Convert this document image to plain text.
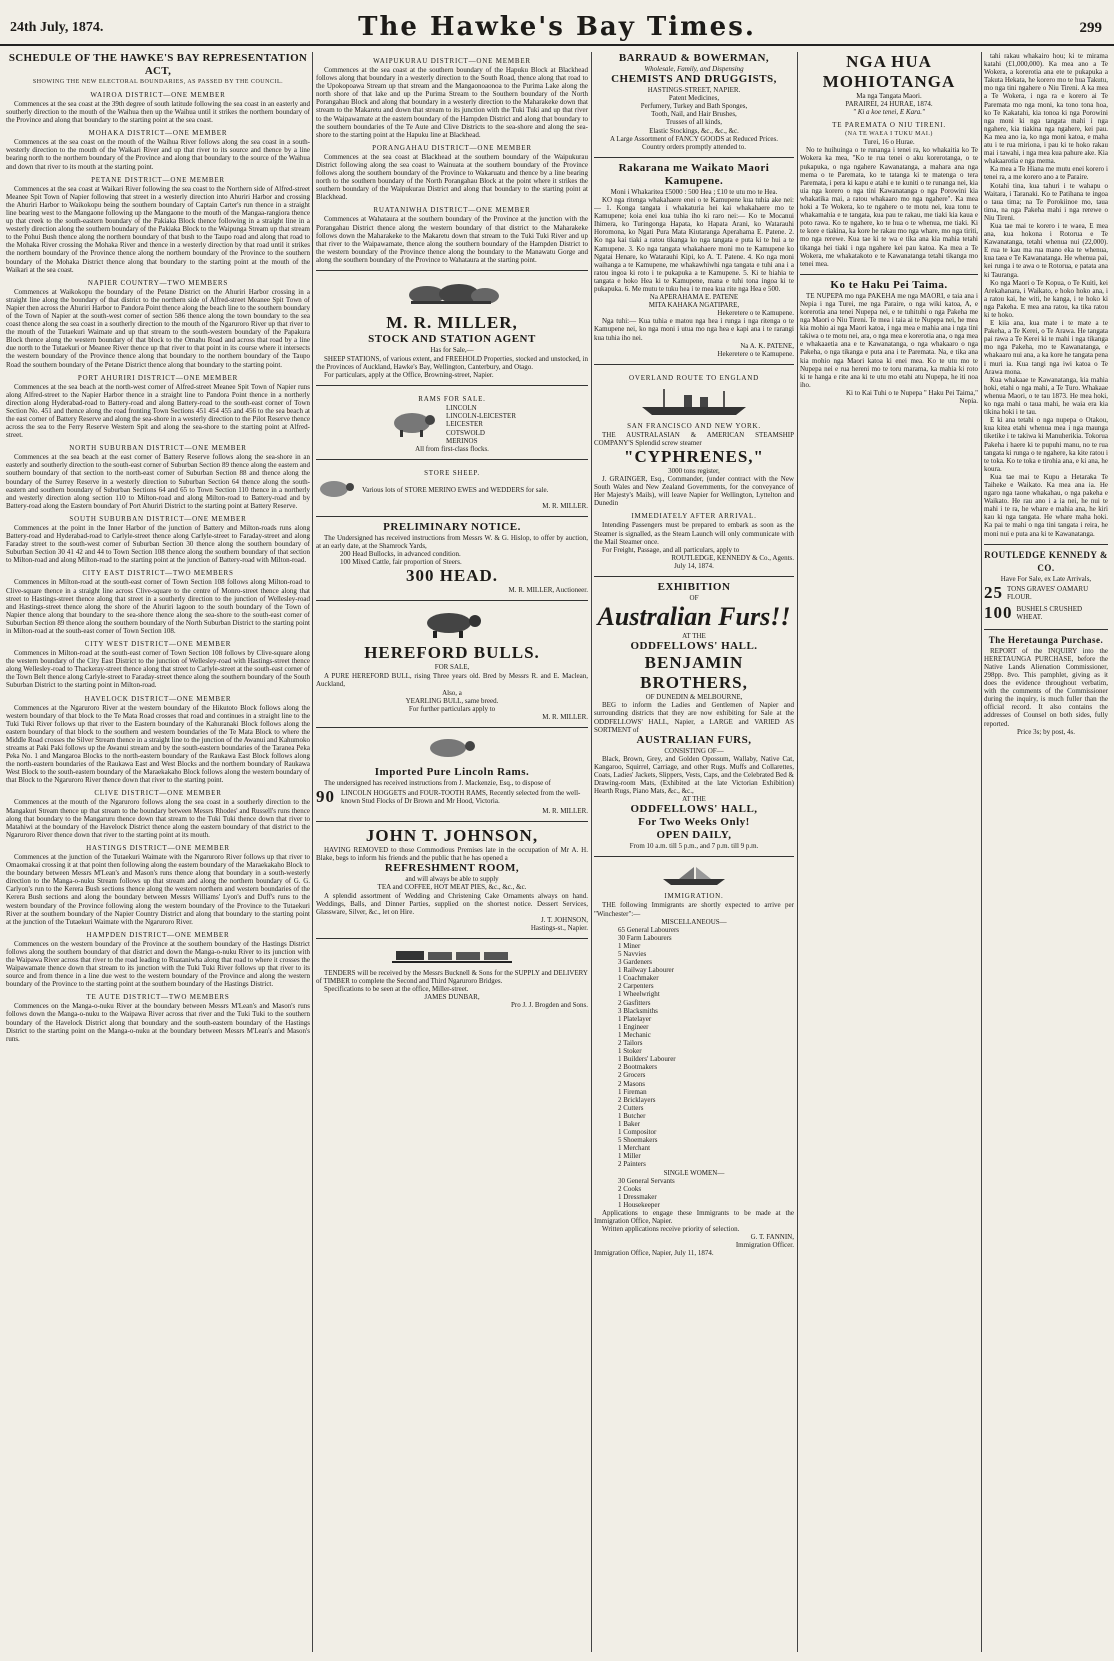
24th July, 1874.	The Hawke's Bay Times.	299
SCHEDULE OF THE HAWKE'S BAY REPRESENTATION ACT,
SHOWING THE NEW ELECTORAL BOUNDARIES, AS PASSED BY THE COUNCIL.
WAIROA DISTRICT—ONE MEMBER

Commences at the sea coast at the 39th degree of south latitude following the sea coast in an easterly and southerly direction to the mouth of the Waihua then up the Waihua until it strikes the northern boundary of the Province and along that boundary to the starting point at the sea coast.

MOHAKA DISTRICT—ONE MEMBER

Commences at the sea coast on the mouth of the Waihua River follows along the sea coast in a south-westerly direction to the mouth of the Waikari River and up that river to its source and thence by a line bearing north to the northern boundary of the Province and along that boundary to the source of the Waihua and down that river to its mouth at the starting point.

PETANE DISTRICT—ONE MEMBER

Commences at the sea coast at Waikari River following the sea coast to the Northern side of Alfred-street Meanee Spit Town of Napier following that street in a westerly direction into Ahuriri Harbor and crossing the Ahuriri Harbor to Waikokopu being the southern boundary of Captain Carter's run thence in a straight line bearing west to the Mangaone following up the Mangaone to the mouth of the Mangaa-rangiora thence up that creek to the south-eastern boundary of the Pakiaka Block thence following in a straight line in a westerly direction along the southern boundary of the Pakiaka Block to the Waipunga Stream up that stream to the Pohui Bush thence along the northern boundary of that bush to the Taupo road and along that road to the Mohaka River crossing the Mohaka River and thence in a westerly direction by that road until it strikes the northern boundary of the Province thence along the northern boundary of the Province to the southern boundary of the Mohaka District thence along that boundary to the starting point at the mouth of the Waikari at the sea coast.

NAPIER COUNTRY—TWO MEMBERS

Commences at Waikokopu the boundary of the Petane District on the Ahuriri Harbor crossing in a straight line along the boundary of that district to the northern side of Alfred-street Meanee Spit Town of Napier then across the Ahuriri Harbor to Pandora Point thence along the beach line to the southern boundary of the Town of Napier at the south-west corner of section 586 thence along the town boundary to the sea coast thence along the sea coast in a southerly direction to the mouth of the Ngaruroro River up that river to the mouth of the Tutaekuri Waimate and up that stream to the south-western boundary of the Papakura Block thence along the western boundary of that block to the Omahu Road and across that road by a line due north to the Tutaekuri or Meanee River thence up that river to that point in its course where it intersects the western boundary of the Province thence along that boundary to the northern boundary of the Taupo Road the southern boundary of the Petane District thence along that boundary to the starting point.

PORT AHURIRI DISTRICT—ONE MEMBER

Commences at the sea beach at the north-west corner of Alfred-street Meanee Spit Town of Napier runs along Alfred-street to the Napier Harbor thence in a straight line to Pandora Point thence in a northerly direction along Hyderabad-road to Battery-road and along Battery-road to the south-east corner of Town Section No. 451 and thence along the road fronting Town Sections 451 454 455 and 456 to the sea beach at the east corner of Battery Reserve and along the sea-shore in a westerly direction to the Pilot Reserve thence across the sea to the Ferry Reserve Western Spit and along the sea-shore to the starting point at Alfred-street.

NORTH SUBURBAN DISTRICT—ONE MEMBER

Commences at the sea beach at the east corner of Battery Reserve follows along the sea-shore in an easterly and southerly direction to the south-east corner of Suburban Section 89 thence along the eastern and southern boundary of that section to the north-east corner of Suburban Section 88 and thence along the boundary of the Surrey Reserve in a westerly direction to Suburban Section 64 thence along the south-eastern and southern boundary of Suburban Sections 64 and 65 to Town Section 110 thence in a northerly and westerly direction along section 110 to Milton-road and along Milton-road to Battery-road and by Battery-road along the Eastern boundary of Port Ahuriri District to the starting point at Battery Reserve.

SOUTH SUBURBAN DISTRICT—ONE MEMBER

Commences at the point in the Inner Harbor of the junction of Battery and Milton-roads runs along Battery-road and Hyderabad-road to Carlyle-street thence along Carlyle-street to Faraday-street and along Faraday street to the south-west corner of Suburban Section 30 thence along the southern boundary of Suburban Section 30 41 42 and 44 to Town Section 108 thence along the southern boundary of that section to Milton-road and along Milton-road to the starting point at the junction of Battery-road with Milton-road.

CITY EAST DISTRICT—TWO MEMBERS

Commences in Milton-road at the south-east corner of Town Section 108 follows along Milton-road to Clive-square thence in a straight line across Clive-square to the centre of Monro-street thence along that street to Hastings-street thence along that street in a southerly direction to the junction of Wellesley-road and Hastings-street thence along the shore of the Ahuriri lagoon to the south boundary of the Town of Napier thence along that boundary to the sea-shore thence along the sea-shore to the south-east corner of Suburban Section 89 thence along the southern boundary of the North Suburban District to the starting point in Milton-road at the south-east corner of Town Section 108.

CITY WEST DISTRICT—ONE MEMBER

Commences in Milton-road at the south-east corner of Town Section 108 follows by Clive-square along the western boundary of the City East District to the junction of Wellesley-road with Hastings-street thence along Wellesley-road to Thackeray-street thence along that street to Carlyle-street at the south-east corner of the Town Belt thence along Carlyle-street to Faraday-street thence along the southern boundary of the South Suburban District to the starting point in Milton-road.

HAVELOCK DISTRICT—ONE MEMBER

Commences at the Ngaruroro River at the western boundary of the Hikutoto Block follows along the western boundary of that block to the Te Mata Road crosses that road and continues in a straight line to the Tuki Tuki River follows up that river to the Eastern boundary of the Kahuranaki Block follows along the eastern boundary of that block to the southern and western boundaries of the Te Mata Block to where the Middle Road crosses the Silver Stream thence in a straight line to the junction of the Awanui and Kahumoko streams at Paki Paki follows up the Awanui stream and by the south-eastern boundaries of the Taranea Peka Peka No. 1 and Mangaroa Blocks to the north-eastern boundary of the Raukawa East Block follows along the north-eastern boundaries of the Raukawa East and West Blocks and the northern boundary of Raukawa West Block to the south-eastern boundary of the Maraekakaho Block follows along the western boundary of that Block to the Ngaruroro River thence down that river to the starting point.

CLIVE DISTRICT—ONE MEMBER

Commences at the mouth of the Ngaruroro follows along the sea coast in a southerly direction to the Mangakuri Stream thence up that stream to the boundary between Messrs Rhodes' and Russell's runs thence along that boundary to the Mangaruru thence down that stream to the Tuki Tuki thence down that river to Matahiwi at the boundary of the Havelock District thence along the eastern boundary of that district to the Ngaruroro River thence down that river to the starting point at its mouth.

HASTINGS DISTRICT—ONE MEMBER

Commences at the junction of the Tutaekuri Waimate with the Ngaruroro River follows up that river to Omaomakai crossing it at that point then following along the eastern boundary of the Maraekakaho Block to the boundary between Messrs M'Lean's and Mason's runs thence along that boundary in a south-westerly direction to the Manga-o-nuku Stream follows up that stream and along the northern boundary of G. G. Carlyon's run to the Kerera Bush sections thence along the western northern and western boundaries of the Kerera Bush sections and along the boundary between Messrs Williams' Lyon's and Duff's runs to the western boundary of the Province following along the western boundary of the Province to the Tutaekuri River at the southern boundary of the Napier Country District and along that boundary to the starting point at the junction of the Tutaekuri Waimate with the Ngaruroro River.

HAMPDEN DISTRICT—ONE MEMBER

Commences on the western boundary of the Province at the southern boundary of the Hastings District follows along the southern boundary of that district and down the Manga-o-nuku River to its junction with the Waipawa River across that river to the road leading to Ruataniwha along that road to where it crosses the Waipawamate thence down that stream to its junction with the Tuki Tuki River follows up that river to its source and from thence in a line due west to the western boundary of the Province and along the western boundary of the Province to the starting point at the southern boundary of the Hastings District.

TE AUTE DISTRICT—TWO MEMBERS

Commences on the Manga-o-nuku River at the boundary between Messrs M'Lean's and Mason's runs follows down the Manga-o-nuku to the Waipawa River across that river and the Tuki Tuki to the southern boundary of the Havelock District along that boundary and the south-eastern boundary of the Hastings District to the starting point on the Manga-o-nuku at the boundary between Messrs M'Lean's and Mason's runs.

WAIPUKURAU DISTRICT—ONE MEMBER

Commences at the sea coast at the southern boundary of the Hapuku Block at Blackhead follows along that boundary in a westerly direction to the South Road, thence along that road to the Upokopoawa Stream up that stream and the Mangaonoaonoa to the Purima Lake along the north shore of that lake and up the Purima Stream to the Southern boundary of the North Porangahau Block and along that boundary in a westerly direction to the Maharakeke down that stream to the Makaretu and down that stream to its junction with the Tuki Tuki and up that river to the Waipawamate at the eastern boundary of the Hampden District and along that boundary to the southern boundaries of the Te Aute and Clive Districts to the sea-shore and along the sea-shore to the starting point at the Hapuku line at Blackhead.

PORANGAHAU DISTRICT—ONE MEMBER

Commences at the sea coast at Blackhead at the southern boundary of the Waipukurau District following along the sea coast to Wainuata at the southern boundary of the Province follows along the southern boundary of the Province to Wakaruatu and thence by a line bearing north to the southern boundary of the North Porangahau Block at the point where it strikes the southern boundary of the Waipukurau District and along that boundary to the starting point at Blackhead.

RUATANIWHA DISTRICT—ONE MEMBER

Commences at Wahataura at the southern boundary of the Province at the junction with the Porangahau District thence along the western boundary of that district to the Maharakeke follows down the Maharakeke to the Makaretu down that stream to the Tuki Tuki River and up that river to the Waipawamate, thence along the southern boundary of the Hampden District to the western boundary of the Province thence along the boundary to the Manawatu Gorge and along the southern boundary of the Province to Wahataura at the starting point.

M. R. MILLER,
STOCK AND STATION AGENT
Has for Sale,—

SHEEP STATIONS, of various extent, and FREEHOLD Properties, stocked and unstocked, in the Provinces of Auckland, Hawke's Bay, Wellington, Canterbury, and Otago.

For particulars, apply at the Office, Browning-street, Napier.

RAMS FOR SALE.
LINCOLN
LINCOLN-LEICESTER
LEICESTER
COTSWOLD
MERINOS
All from first-class flocks.
STORE SHEEP.
Various lots of STORE MERINO EWES and WEDDERS for sale.
M. R. MILLER.
PRELIMINARY NOTICE.

The Undersigned has received instructions from Messrs W. & G. Hislop, to offer by auction, at an early date, at the Shamrock Yards,

200 Head Bullocks, in advanced condition.
100 Mixed Cattle, fair proportion of Steers.
300 HEAD.
M. R. MILLER, Auctioneer.
HEREFORD BULLS.
FOR SALE,

A PURE HEREFORD BULL, rising Three years old. Bred by Messrs R. and E. Maclean, Auckland,

Also, a
YEARLING BULL, same breed.
For further particulars apply to
M. R. MILLER.
Imported Pure Lincoln Rams.

The undersigned has received instructions from J. Mackenzie, Esq., to dispose of

90 LINCOLN HOGGETS and FOUR-TOOTH RAMS, Recently selected from the well-known Stud Flocks of Dr Brown and Mr Hood, Victoria.
M. R. MILLER.
JOHN T. JOHNSON,

HAVING REMOVED to those Commodious Premises late in the occupation of Mr A. H. Blake, begs to inform his friends and the public that he has opened a

REFRESHMENT ROOM,
and will always be able to supply
TEA and COFFEE, HOT MEAT PIES, &c., &c., &c.

A splendid assortment of Wedding and Christening Cake Ornaments always on hand. Weddings, Balls, and Dinner Parties, supplied on the shortest notice. Dessert Services, Glassware, Silver, &c., let on Hire.

J. T. JOHNSON,
Hastings-st., Napier.

TENDERS will be received by the Messrs Bucknell & Sons for the SUPPLY and DELIVERY of TIMBER to complete the Second and Third Ngaruroro Bridges.

Specifications to be seen at the office, Miller-street.

JAMES DUNBAR,
Pro J. J. Brogden and Sons.
BARRAUD & BOWERMAN,
Wholesale, Family, and Dispensing
CHEMISTS AND DRUGGISTS,
HASTINGS-STREET, NAPIER.
Patent Medicines,
Perfumery, Turkey and Bath Sponges,
Tooth, Nail, and Hair Brushes,
Trusses of all kinds,
Elastic Stockings, &c., &c., &c.
A Large Assortment of FANCY GOODS at Reduced Prices.
Country orders promptly attended to.
Rakarana me Waikato Maori Kamupene.
Moni i Whakaritea £5000 : 500 Hea ; £10 te utu mo te Hea.

KO nga ritenga whakahaere enei o te Kamupene kua tuhia ake nei:— 1. Konga tangata i whakaturia hei kai whakahaere mo te Kamupene; koia enei kua tuhia iho ki raro nei:— Ko te Mocanui Ihimera, ko Turingonga Hapata, ko Hapata Arani, ko Watarauhi Horomona, ko Ngati Pura Mata Kiutaranga Aperahama E. Patene. 2. Ko nga kai tiaki a ratou tikanga ko nga tangata e puta ki te hui a te Kamupene. 3. Ko nga tangata whakahaere moni mo te Kamupene ko Ngatai Henare, ko Watarauhi Kipi, ko A. T. Patene. 4. Ko nga moni waihanga a te Kamupene, me whakawhiwhi nga tangata e tuhi ana i a ratou ingoa ki roto i te pukapuka a te Kamupene. 5. Ki te hiahia te tangata e hoko Hea ki te Kamupene, mana e tuhi tona ingoa ki te pukapuka. 6. Me mutu te tuku hea i te mea kua rite nga Hea e 500.

Na APERAHAMA E. PATENE
MITA KAHAKA NGATIPARE,
Hekeretere o te Kamupene.

Nga tuhi:— Kua tuhia e matou nga hea i runga i nga ritenga o te Kamupene nei, ko nga moni i utua mo nga hea e kapi ana i te rarangi kua tuhia iho nei.

Na A. K. PATENE,
Hekeretere o te Kamupene.
OVERLAND ROUTE TO ENGLAND
SAN FRANCISCO AND NEW YORK.

THE AUSTRALASIAN & AMERICAN STEAMSHIP COMPANY'S Splendid screw steamer

"CYPHRENES,"
3000 tons register,

J. GRAINGER, Esq., Commander, (under contract with the New South Wales and New Zealand Governments, for the conveyance of Her Majesty's Mails), will leave Napier for Wellington, Lyttelton and Dunedin

IMMEDIATELY AFTER ARRIVAL.

Intending Passengers must be prepared to embark as soon as the Steamer is signalled, as the Steam Launch will only communicate with the Mail Steamer once.

For Freight, Passage, and all particulars, apply to

ROUTLEDGE, KENNEDY & Co., Agents.
July 14, 1874.
EXHIBITION
OF
Australian Furs!!
AT THE
ODDFELLOWS' HALL.
BENJAMIN BROTHERS,
OF DUNEDIN & MELBOURNE,

BEG to inform the Ladies and Gentlemen of Napier and surrounding districts that they are now exhibiting for Sale at the ODDFELLOWS' HALL, Napier, a LARGE and VARIED AS SORTMENT of

AUSTRALIAN FURS,
CONSISTING OF—

Black, Brown, Grey, and Golden Opossum, Wallaby, Native Cat, Kangaroo, Squirrel, Carriage, and other Rugs. Muffs and Collarettes, Coats, Ladies' Jackets, Slippers, Vests, Caps, and the Celebrated Bed & Drawing-room Mats, (Exhibited at the late Victorian Exhibition) Hearth Rugs, Piano Mats, &c., &c.,

AT THE
ODDFELLOWS' HALL,
For Two Weeks Only!
OPEN DAILY,
From 10 a.m. till 5 p.m., and 7 p.m. till 9 p.m.
IMMIGRATION.

THE following Immigrants are shortly expected to arrive per "Winchester":—

MISCELLANEOUS—
65 General Labourers
30 Farm Labourers
1 Miner
5 Navvies
3 Gardeners
1 Railway Labourer
1 Coachmaker
2 Carpenters
1 Wheelwright
2 Gasfitters
3 Blacksmiths
1 Platelayer
1 Engineer
1 Mechanic
2 Tailors
1 Stoker
1 Builders' Labourer
2 Bootmakers
2 Grocers
2 Masons
1 Fireman
2 Bricklayers
2 Cutters
1 Butcher
1 Baker
1 Compositor
5 Shoemakers
1 Merchant
1 Miller
2 Painters
SINGLE WOMEN—
30 General Servants
2 Cooks
1 Dressmaker
1 Housekeeper

Applications to engage these Immigrants to be made at the Immigration Office, Napier.

Written applications receive priority of selection.

G. T. FANNIN,
Immigration Officer.
Immigration Office, Napier, July 11, 1874.
NGA HUA
MOHIOTANGA
Ma nga Tangata Maori.
PARAIREI, 24 HURAE, 1874.
" Ki a koe tenei, E Kara."
TE PAREMATA O NIU TIRENI.
(NA TE WAEA I TUKU MAI.)
Turei, 16 o Hurae.

No te huihuinga o te runanga i tenei ra, ko whakaitia ko Te Wokera ka mea, "Ko te rua tenei o aku korerotanga, o te pukapuka, o nga ngahere Kawanatanga, a mahara ana nga mema o te Paremata, ko te tatanga ki te matenga o tera Paremata, i pera ki kapu e atahi e te kuniti o te runanga nei, kia uia nga korero o nga tini Kawanatanga o nga Porowini kia whakatika mai, a ratou whakaaro mo nga ngahere". Ka mea hoki a Te Wokera, ko te ngahere o te motu nei, kua tonu te whakamahia e te tangata, kua pau te rakau, me tiaki kia kaua e poto rawa. Ko te ngahere, ko te hua o te whenua, me tiaki. Ki te kore e tiakina, ka kore he rakau mo nga whare, mo nga tiriti, mo nga rerewe. Kua tae ki te wa e tika ana kia mahia tetahi tikanga hei tiaki i nga ngahere kei pau katoa. Ka mea a Te Wokera, me whakatakoto e te Kawanatanga tetahi tikanga mo tenei mea.

Ko te Haku Pei Taima.

TE NUPEPA mo nga PAKEHA me nga MAORI, e taia ana i Nepia i nga Turei, me nga Paraire, o nga wiki katoa, A, e korerotia ana tenei Nupepa nei, e te tuhituhi o nga Pakeha me nga Maori o Niu Tireni. Te mea i taia ai te Nupepa nei, he mea kia mohio ai nga Maori katoa, i nga mea e mahia ana i nga tini takiwa o te motu nei, ara, o nga mea e korerotia ana, o nga mea e whakaaetia ana e te Kawanatanga, o nga whakaaro o nga Pakeha, o nga tikanga e puta ana i te Paremata. Na, e tika ana kia mohio nga Maori katoa ki enei mea. Ko te utu mo te Nupepa nei e rua hereni mo te toru marama, ka mahia ki roto ki te hanga e rite ana ki te utu mo etahi atu Nupepa, he iti noa iho.

Ki to Kai Tuhi o te Nupepa " Haku Pei Taima,"
Nepia.

tahi rakau whakairo hou; ki te mirama katahi (£1,000,000). Ka mea ano a Te Wokera, a korerotia ana ete te pukapuka a Takuta Hekata, he korero mo te hua Takutu, mo nga tini ngahere o Niu Tireni. A ka mea a Te Wokera, i nga ra e korero ai Te Paremata mo nga moni, ka tono tona hoa, ko Te Kakatahi, kia tonoa ki nga Porowini nga moni ki nga tangata mahi i nga ngahere, kia tiakina nga ngahere, kei pau. Ka mea ano ia, ko nga moni katoa, e maha atu i te rua miriona, i pau ki te hoko rakau mai i tawahi, i nga mea kua pahure ake. Kia whakaarotia e nga mema.

Ka mea a Te Hiana me mutu enei korero i tenei ra, a me korero ano a te Paraire.

Kotahi tina, kua tahuri i te wahapu o Waitara, i Taranaki. Ko te Patihana te ingoa o taua tima; na Te Porokiinoe mo, taua tima, na nga Pakeha mahi i nga rerewe o Niu Tireni.

Kua tae mai te korero i te waea, E mea ana, kua hokona i Rotorua e Te Kawanatanga, tetahi whenua nui (22,000). E rua te kau ma rua mano eka te whenua, kua taea e Te Kawanatanga. He whenua pai, kei runga i te awa o te Rotorua, e patata ana ki Tauranga.

Ko nga Maori o Te Kopua, o Te Kuiti, kei Arekahanara, i Waikato, e hoko hoko ana, i a ratou kai, he witi, he kanga, i te hoko ki nga Pakeha. E mea ana ratou, ka tika ratou ki te hoko.

E kiia ana, kua mate i te mate a te Pakeha, a Te Kerei, o Te Arawa. He tangata pai rawa a Te Kerei ki te mahi i nga tikanga mo nga Pakeha, mo te Kawanatanga, e whakaaro nui ana, a ka kore he tangata pena i muri ia. Kua tangi nga iwi katoa o Te Arawa mona.

Kua whakaae te Kawanatanga, kia mahia hoki, etahi o nga mahi, a Te Turo. Whakaae whenua Maori, o te tau 1873. He mea hoki, ko nga mahi o taua mahi, he waia era kia tikina hoki i te tau.

E ki ana tetahi o nga nupepa o Otakou, kua kitea etahi whenua mea i nga maunga tiketike i te takiwa ki Manuherikia. Tokorua Pakeha i haere ki te pupuhi manu, no te rua tangata ki runga o te ngahere, ka kite ratou i te toka. Ko te toka e tirohia ana, e ki ana, he koura.

Kua tae mai te Kupu a Hetaraka Te Taiheke e Waikato. Ka mea ana ia. He ngaro nga taone whakahau, o nga pakeha e Waikato. He rau ano i a ia nei, he nui te mahi i te ra, he whare e mahia ana, he kiri kau ki nga tangata. He whare maha hoki. Ka pai te mahi o nga tini tangata i reira, he moni nui e puta ana ki te Kawanatanga.

ROUTLEDGE KENNEDY & CO.
Have For Sale, ex Late Arrivals,
25 TONS GRAVES' OAMARU FLOUR.
100 BUSHELS CRUSHED WHEAT.
The Heretaunga Purchase.

REPORT of the INQUIRY into the HERETAUNGA PURCHASE, before the Native Lands Alienation Commissioner, 298pp. 8vo. This pamphlet, giving as it does the evidence throughout verbatim, with the comments of the Commissioner during the inquiry, is much fuller than the official record. It also contains the addresses of Counsel on both sides, fully reported.

Price 3s; by post, 4s.
